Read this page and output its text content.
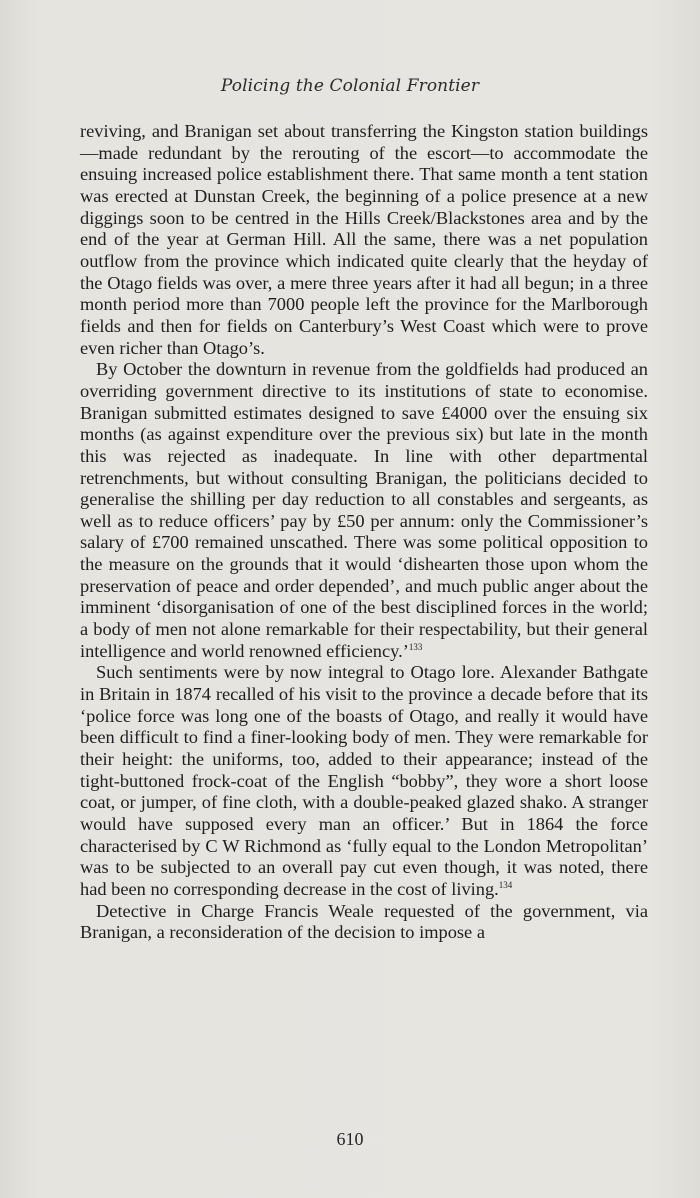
Policing the Colonial Frontier

reviving, and Branigan set about transferring the Kingston station buildings—made redundant by the rerouting of the escort—to accommodate the ensuing increased police establishment there. That same month a tent station was erected at Dunstan Creek, the beginning of a police presence at a new diggings soon to be centred in the Hills Creek/Blackstones area and by the end of the year at German Hill. All the same, there was a net population outflow from the province which indicated quite clearly that the heyday of the Otago fields was over, a mere three years after it had all begun; in a three month period more than 7000 people left the province for the Marlborough fields and then for fields on Canterbury’s West Coast which were to prove even richer than Otago’s.

By October the downturn in revenue from the goldfields had produced an overriding government directive to its institutions of state to economise. Branigan submitted estimates designed to save £4000 over the ensuing six months (as against expenditure over the previous six) but late in the month this was rejected as inadequate. In line with other departmental retrenchments, but without consulting Branigan, the politicians decided to generalise the shilling per day reduction to all constables and sergeants, as well as to reduce officers’ pay by £50 per annum: only the Commissioner’s salary of £700 remained unscathed. There was some political opposition to the measure on the grounds that it would ‘dishearten those upon whom the preservation of peace and order depended’, and much public anger about the imminent ‘disorganisation of one of the best disciplined forces in the world; a body of men not alone remarkable for their respectability, but their general intelligence and world renowned efficiency.’$^{133}$

Such sentiments were by now integral to Otago lore. Alexander Bathgate in Britain in 1874 recalled of his visit to the province a decade before that its ‘police force was long one of the boasts of Otago, and really it would have been difficult to find a finer-looking body of men. They were remarkable for their height: the uniforms, too, added to their appearance; instead of the tight-buttoned frock-coat of the English “bobby”, they wore a short loose coat, or jumper, of fine cloth, with a double-peaked glazed shako. A stranger would have supposed every man an officer.’ But in 1864 the force characterised by C W Richmond as ‘fully equal to the London Metropolitan’ was to be subjected to an overall pay cut even though, it was noted, there had been no corresponding decrease in the cost of living.$^{134}$

Detective in Charge Francis Weale requested of the government, via Branigan, a reconsideration of the decision to impose a

610
